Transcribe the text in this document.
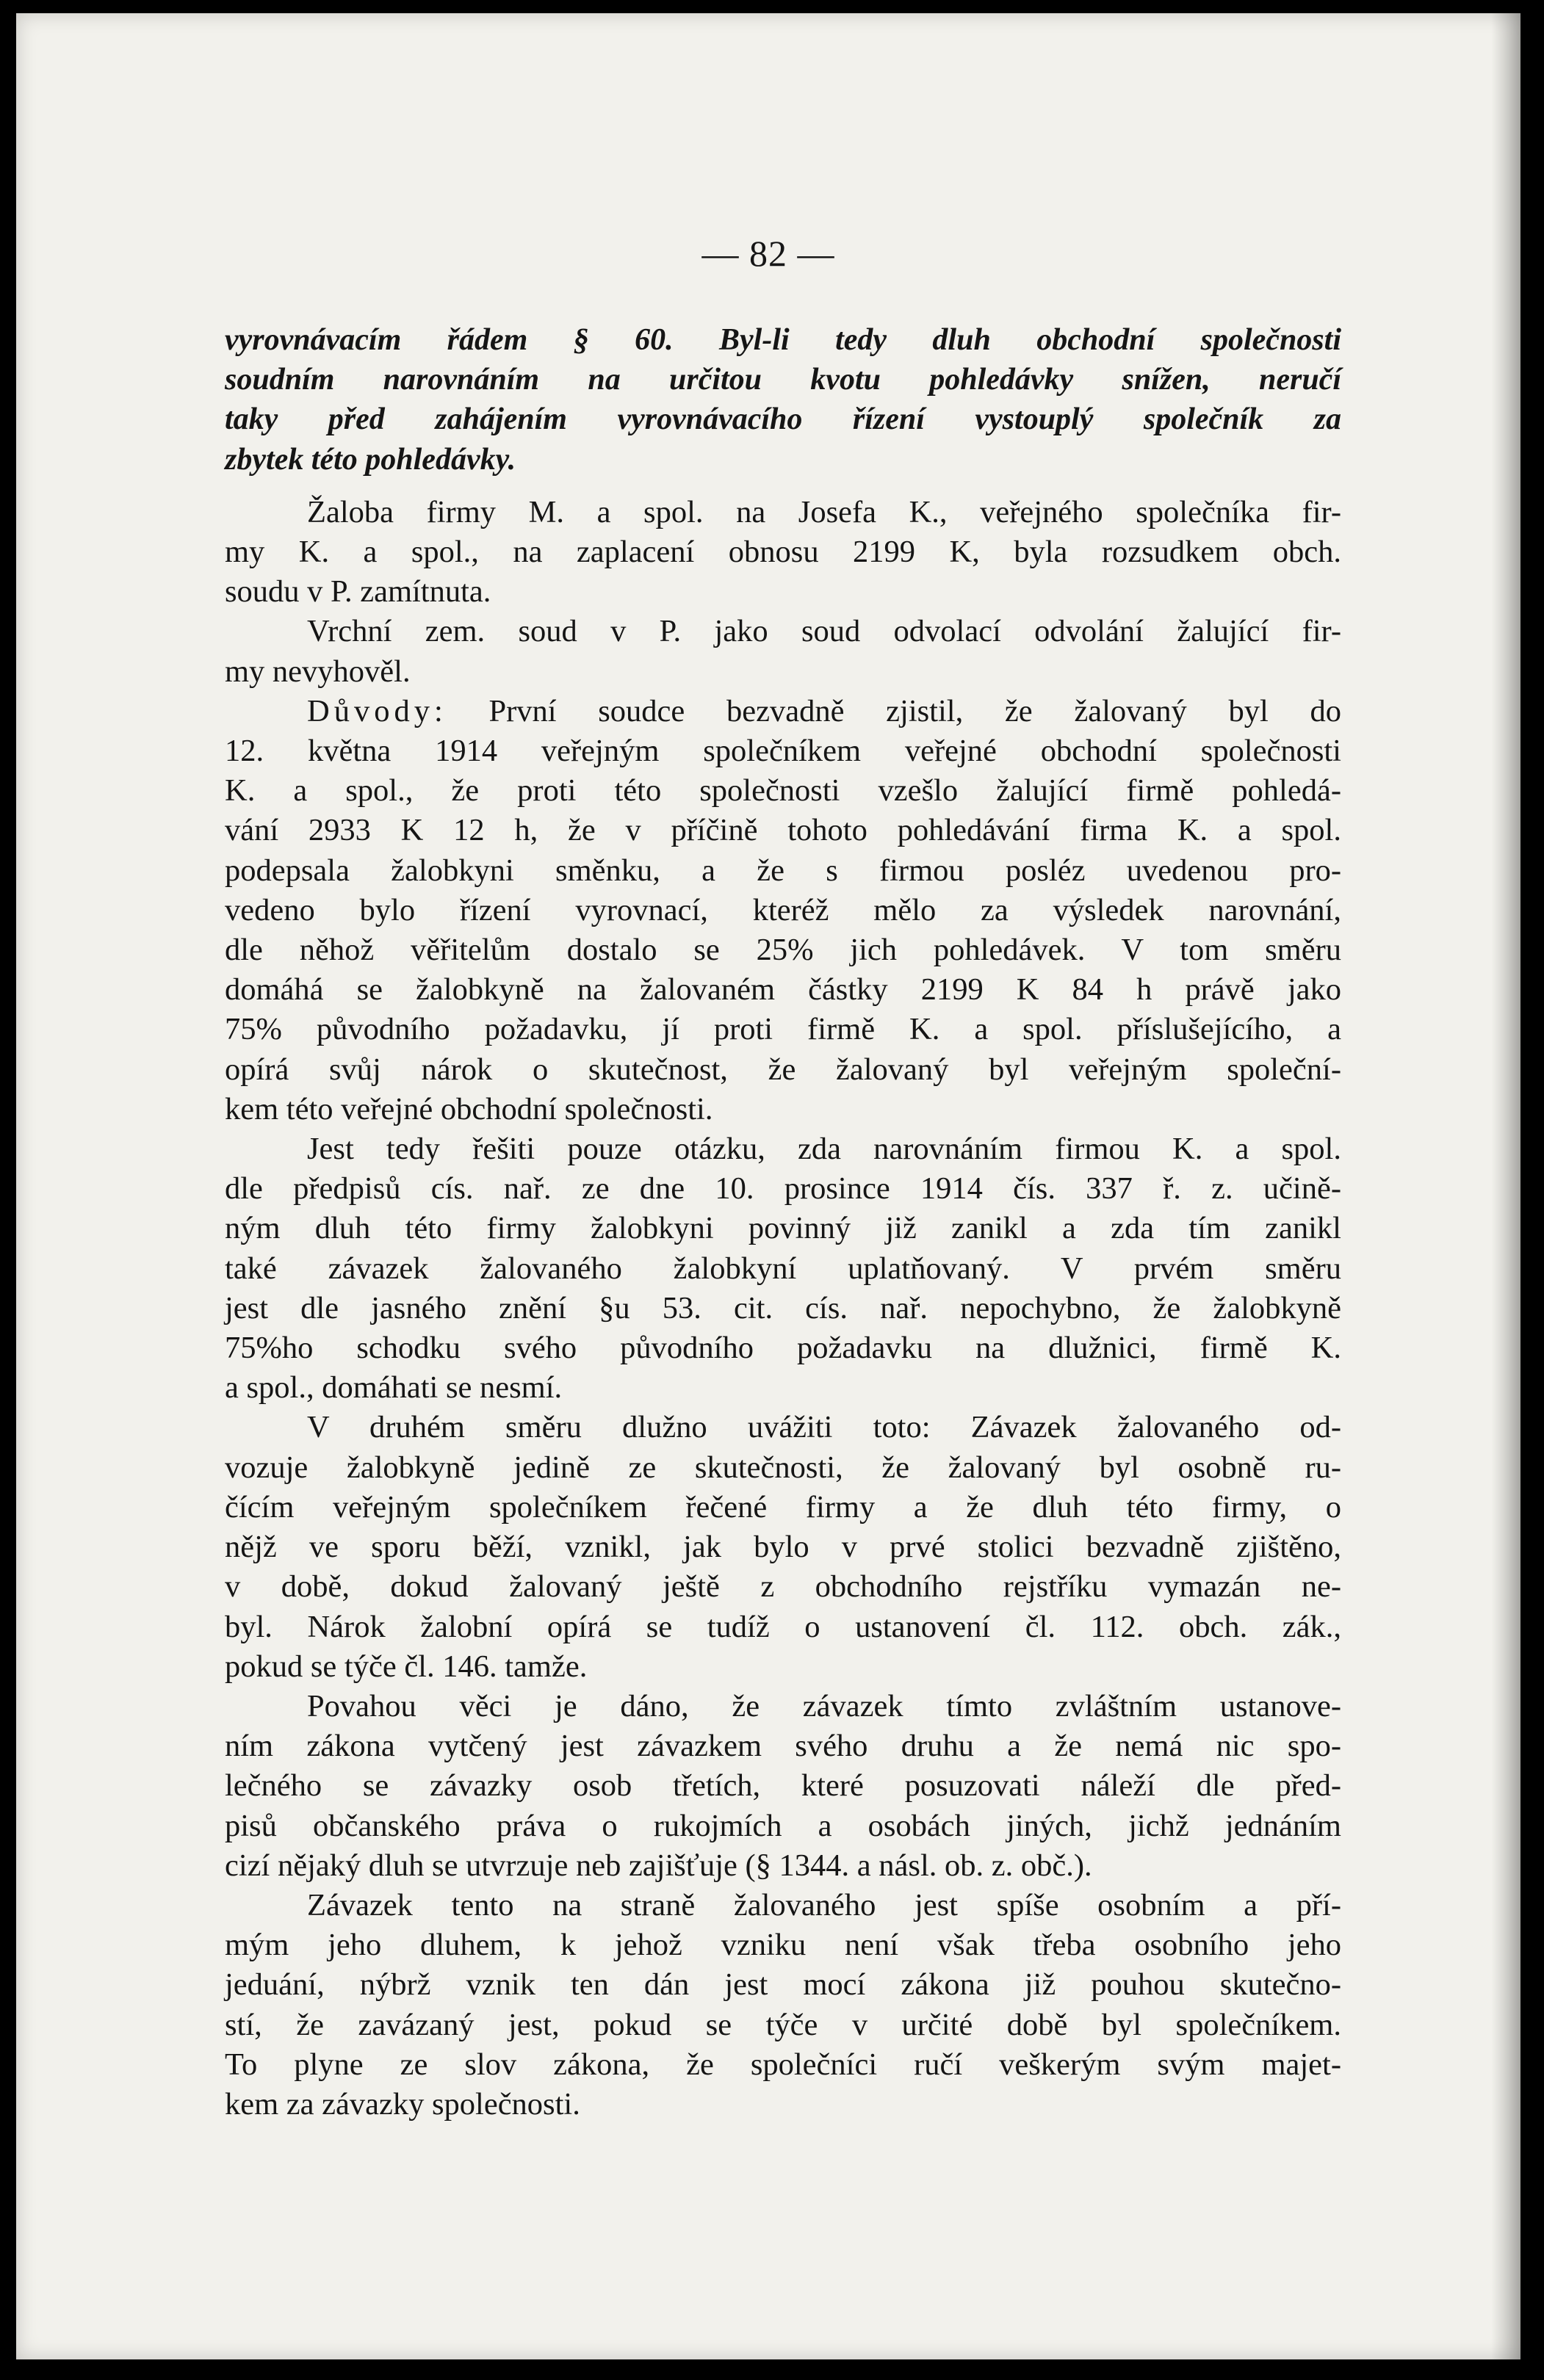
— 82 —

vyrovnávacím řádem § 60. Byl-li tedy dluh obchodní společnosti

soudním narovnáním na určitou kvotu pohledávky snížen, neručí

taky před zahájením vyrovnávacího řízení vystouplý společník za

zbytek této pohledávky.

Žaloba firmy M. a spol. na Josefa K., veřejného společníka fir-

my K. a spol., na zaplacení obnosu 2199 K, byla rozsudkem obch.

soudu v P. zamítnuta.

Vrchní zem. soud v P. jako soud odvolací odvolání žalující fir-

my nevyhověl.

Důvody: První soudce bezvadně zjistil, že žalovaný byl do

12. května 1914 veřejným společníkem veřejné obchodní společnosti

K. a spol., že proti této společnosti vzešlo žalující firmě pohledá-

vání 2933 K 12 h, že v příčině tohoto pohledávání firma K. a spol.

podepsala žalobkyni směnku, a že s firmou posléz uvedenou pro-

vedeno bylo řízení vyrovnací, kteréž mělo za výsledek narovnání,

dle něhož věřitelům dostalo se 25% jich pohledávek. V tom směru

domáhá se žalobkyně na žalovaném částky 2199 K 84 h právě jako

75% původního požadavku, jí proti firmě K. a spol. příslušejícího, a

opírá svůj nárok o skutečnost, že žalovaný byl veřejným společní-

kem této veřejné obchodní společnosti.

Jest tedy řešiti pouze otázku, zda narovnáním firmou K. a spol.

dle předpisů cís. nař. ze dne 10. prosince 1914 čís. 337 ř. z. učině-

ným dluh této firmy žalobkyni povinný již zanikl a zda tím zanikl

také závazek žalovaného žalobkyní uplatňovaný. V prvém směru

jest dle jasného znění §u 53. cit. cís. nař. nepochybno, že žalobkyně

75%ho schodku svého původního požadavku na dlužnici, firmě K.

a spol., domáhati se nesmí.

V druhém směru dlužno uvážiti toto: Závazek žalovaného od-

vozuje žalobkyně jedině ze skutečnosti, že žalovaný byl osobně ru-

čícím veřejným společníkem řečené firmy a že dluh této firmy, o

nějž ve sporu běží, vznikl, jak bylo v prvé stolici bezvadně zjištěno,

v době, dokud žalovaný ještě z obchodního rejstříku vymazán ne-

byl. Nárok žalobní opírá se tudíž o ustanovení čl. 112. obch. zák.,

pokud se týče čl. 146. tamže.

Povahou věci je dáno, že závazek tímto zvláštním ustanove-

ním zákona vytčený jest závazkem svého druhu a že nemá nic spo-

lečného se závazky osob třetích, které posuzovati náleží dle před-

pisů občanského práva o rukojmích a osobách jiných, jichž jednáním

cizí nějaký dluh se utvrzuje neb zajišťuje (§ 1344. a násl. ob. z. obč.).

Závazek tento na straně žalovaného jest spíše osobním a pří-

mým jeho dluhem, k jehož vzniku není však třeba osobního jeho

jeduání, nýbrž vznik ten dán jest mocí zákona již pouhou skutečno-

stí, že zavázaný jest, pokud se týče v určité době byl společníkem.

To plyne ze slov zákona, že společníci ručí veškerým svým majet-

kem za závazky společnosti.
